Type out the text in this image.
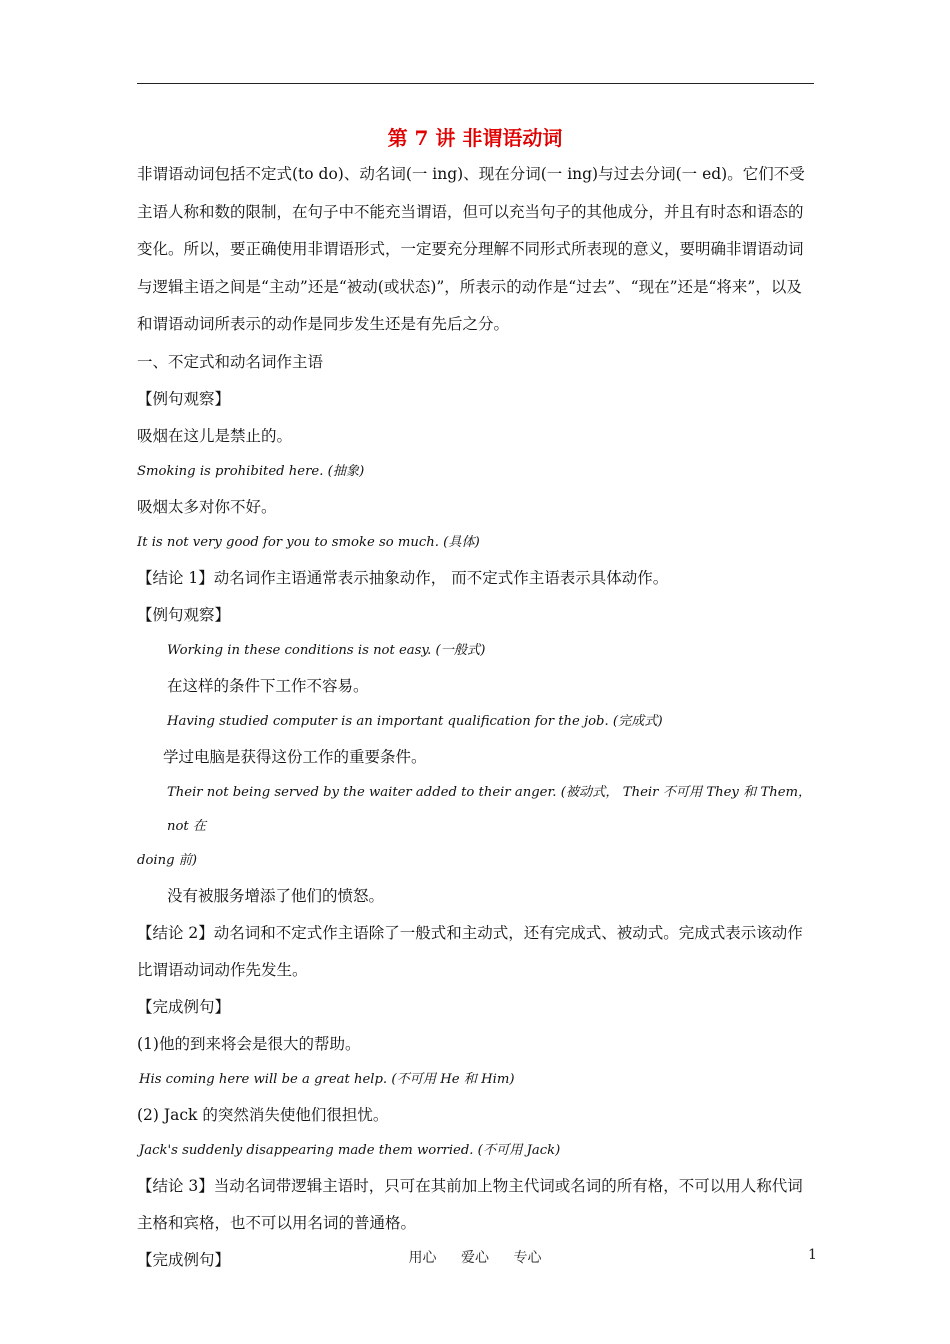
第 7 讲 非谓语动词

非谓语动词包括不定式(to do)、动名词(一 ing)、现在分词(一 ing)与过去分词(一 ed)。它们不受主语人称和数的限制，在句子中不能充当谓语，但可以充当句子的其他成分，并且有时态和语态的变化。所以，要正确使用非谓语形式，一定要充分理解不同形式所表现的意义，要明确非谓语动词与逻辑主语之间是“主动”还是“被动(或状态)”，所表示的动作是“过去”、“现在”还是“将来”，以及和谓语动词所表示的动作是同步发生还是有先后之分。

一、不定式和动名词作主语

【例句观察】

吸烟在这儿是禁止的。

Smoking is prohibited here. (抽象)

吸烟太多对你不好。

It is not very good for you to smoke so much. (具体)

【结论 1】动名词作主语通常表示抽象动作， 而不定式作主语表示具体动作。

【例句观察】

Working in these conditions is not easy. (一般式)

在这样的条件下工作不容易。

Having studied computer is an important qualification for the job. (完成式)

学过电脑是获得这份工作的重要条件。

Their not being served by the waiter added to their anger. (被动式， Their 不可用 They 和 Them， not 在

doing 前)

没有被服务增添了他们的愤怒。

【结论 2】动名词和不定式作主语除了一般式和主动式，还有完成式、被动式。完成式表示该动作比谓语动词动作先发生。

【完成例句】

(1)他的到来将会是很大的帮助。

His coming here will be a great help. (不可用 He 和 Him)

(2) Jack 的突然消失使他们很担忧。

Jack's suddenly disappearing made them worried. (不可用 Jack)

【结论 3】当动名词带逻辑主语时，只可在其前加上物主代词或名词的所有格，不可以用人称代词主格和宾格，也不可以用名词的普通格。

【完成例句】	用心 爱心 专心	1
